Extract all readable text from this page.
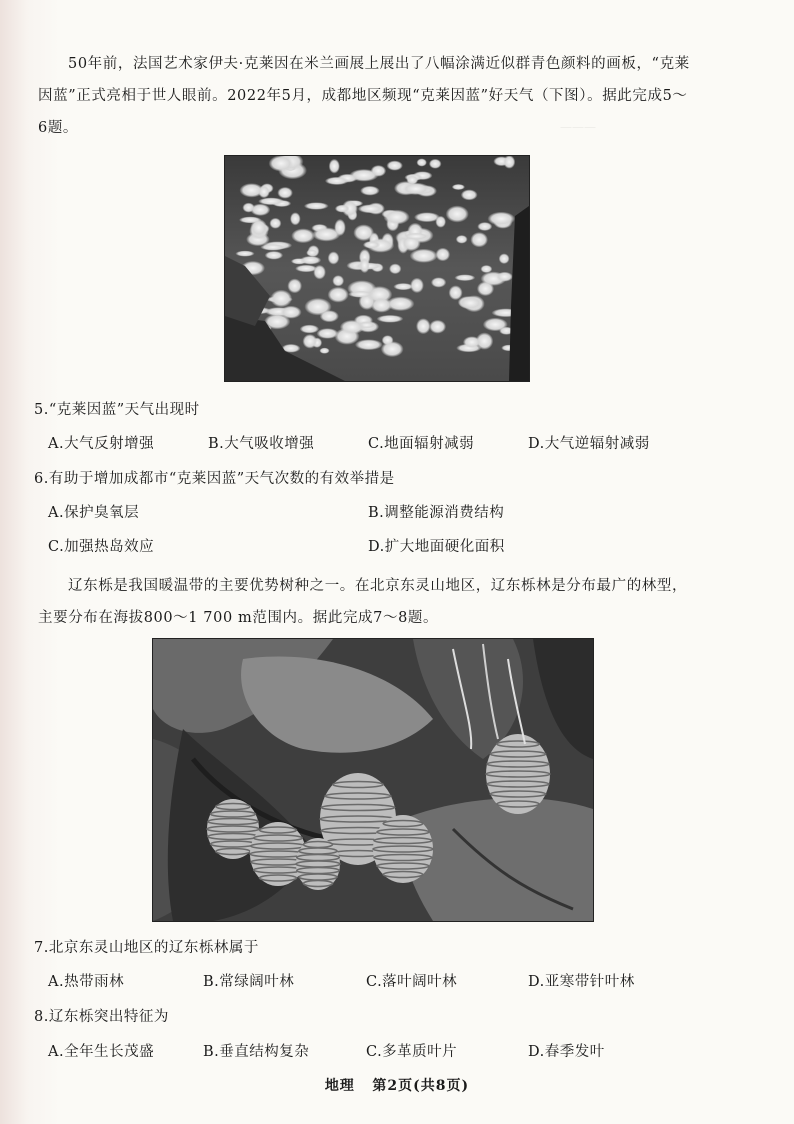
———
50年前，法国艺术家伊夫·克莱因在米兰画展上展出了八幅涂满近似群青色颜料的画板，“克莱
因蓝”正式亮相于世人眼前。2022年5月，成都地区频现“克莱因蓝”好天气（下图）。据此完成5～
6题。
5.“克莱因蓝”天气出现时
A.大气反射增强	B.大气吸收增强	C.地面辐射减弱	D.大气逆辐射减弱
6.有助于增加成都市“克莱因蓝”天气次数的有效举措是
A.保护臭氧层	B.调整能源消费结构
C.加强热岛效应	D.扩大地面硬化面积
辽东栎是我国暖温带的主要优势树种之一。在北京东灵山地区，辽东栎林是分布最广的林型，
主要分布在海拔800～1 700 m范围内。据此完成7～8题。
7.北京东灵山地区的辽东栎林属于
A.热带雨林	B.常绿阔叶林	C.落叶阔叶林	D.亚寒带针叶林
8.辽东栎突出特征为
A.全年生长茂盛	B.垂直结构复杂	C.多革质叶片	D.春季发叶
地理   第2页(共8页)
